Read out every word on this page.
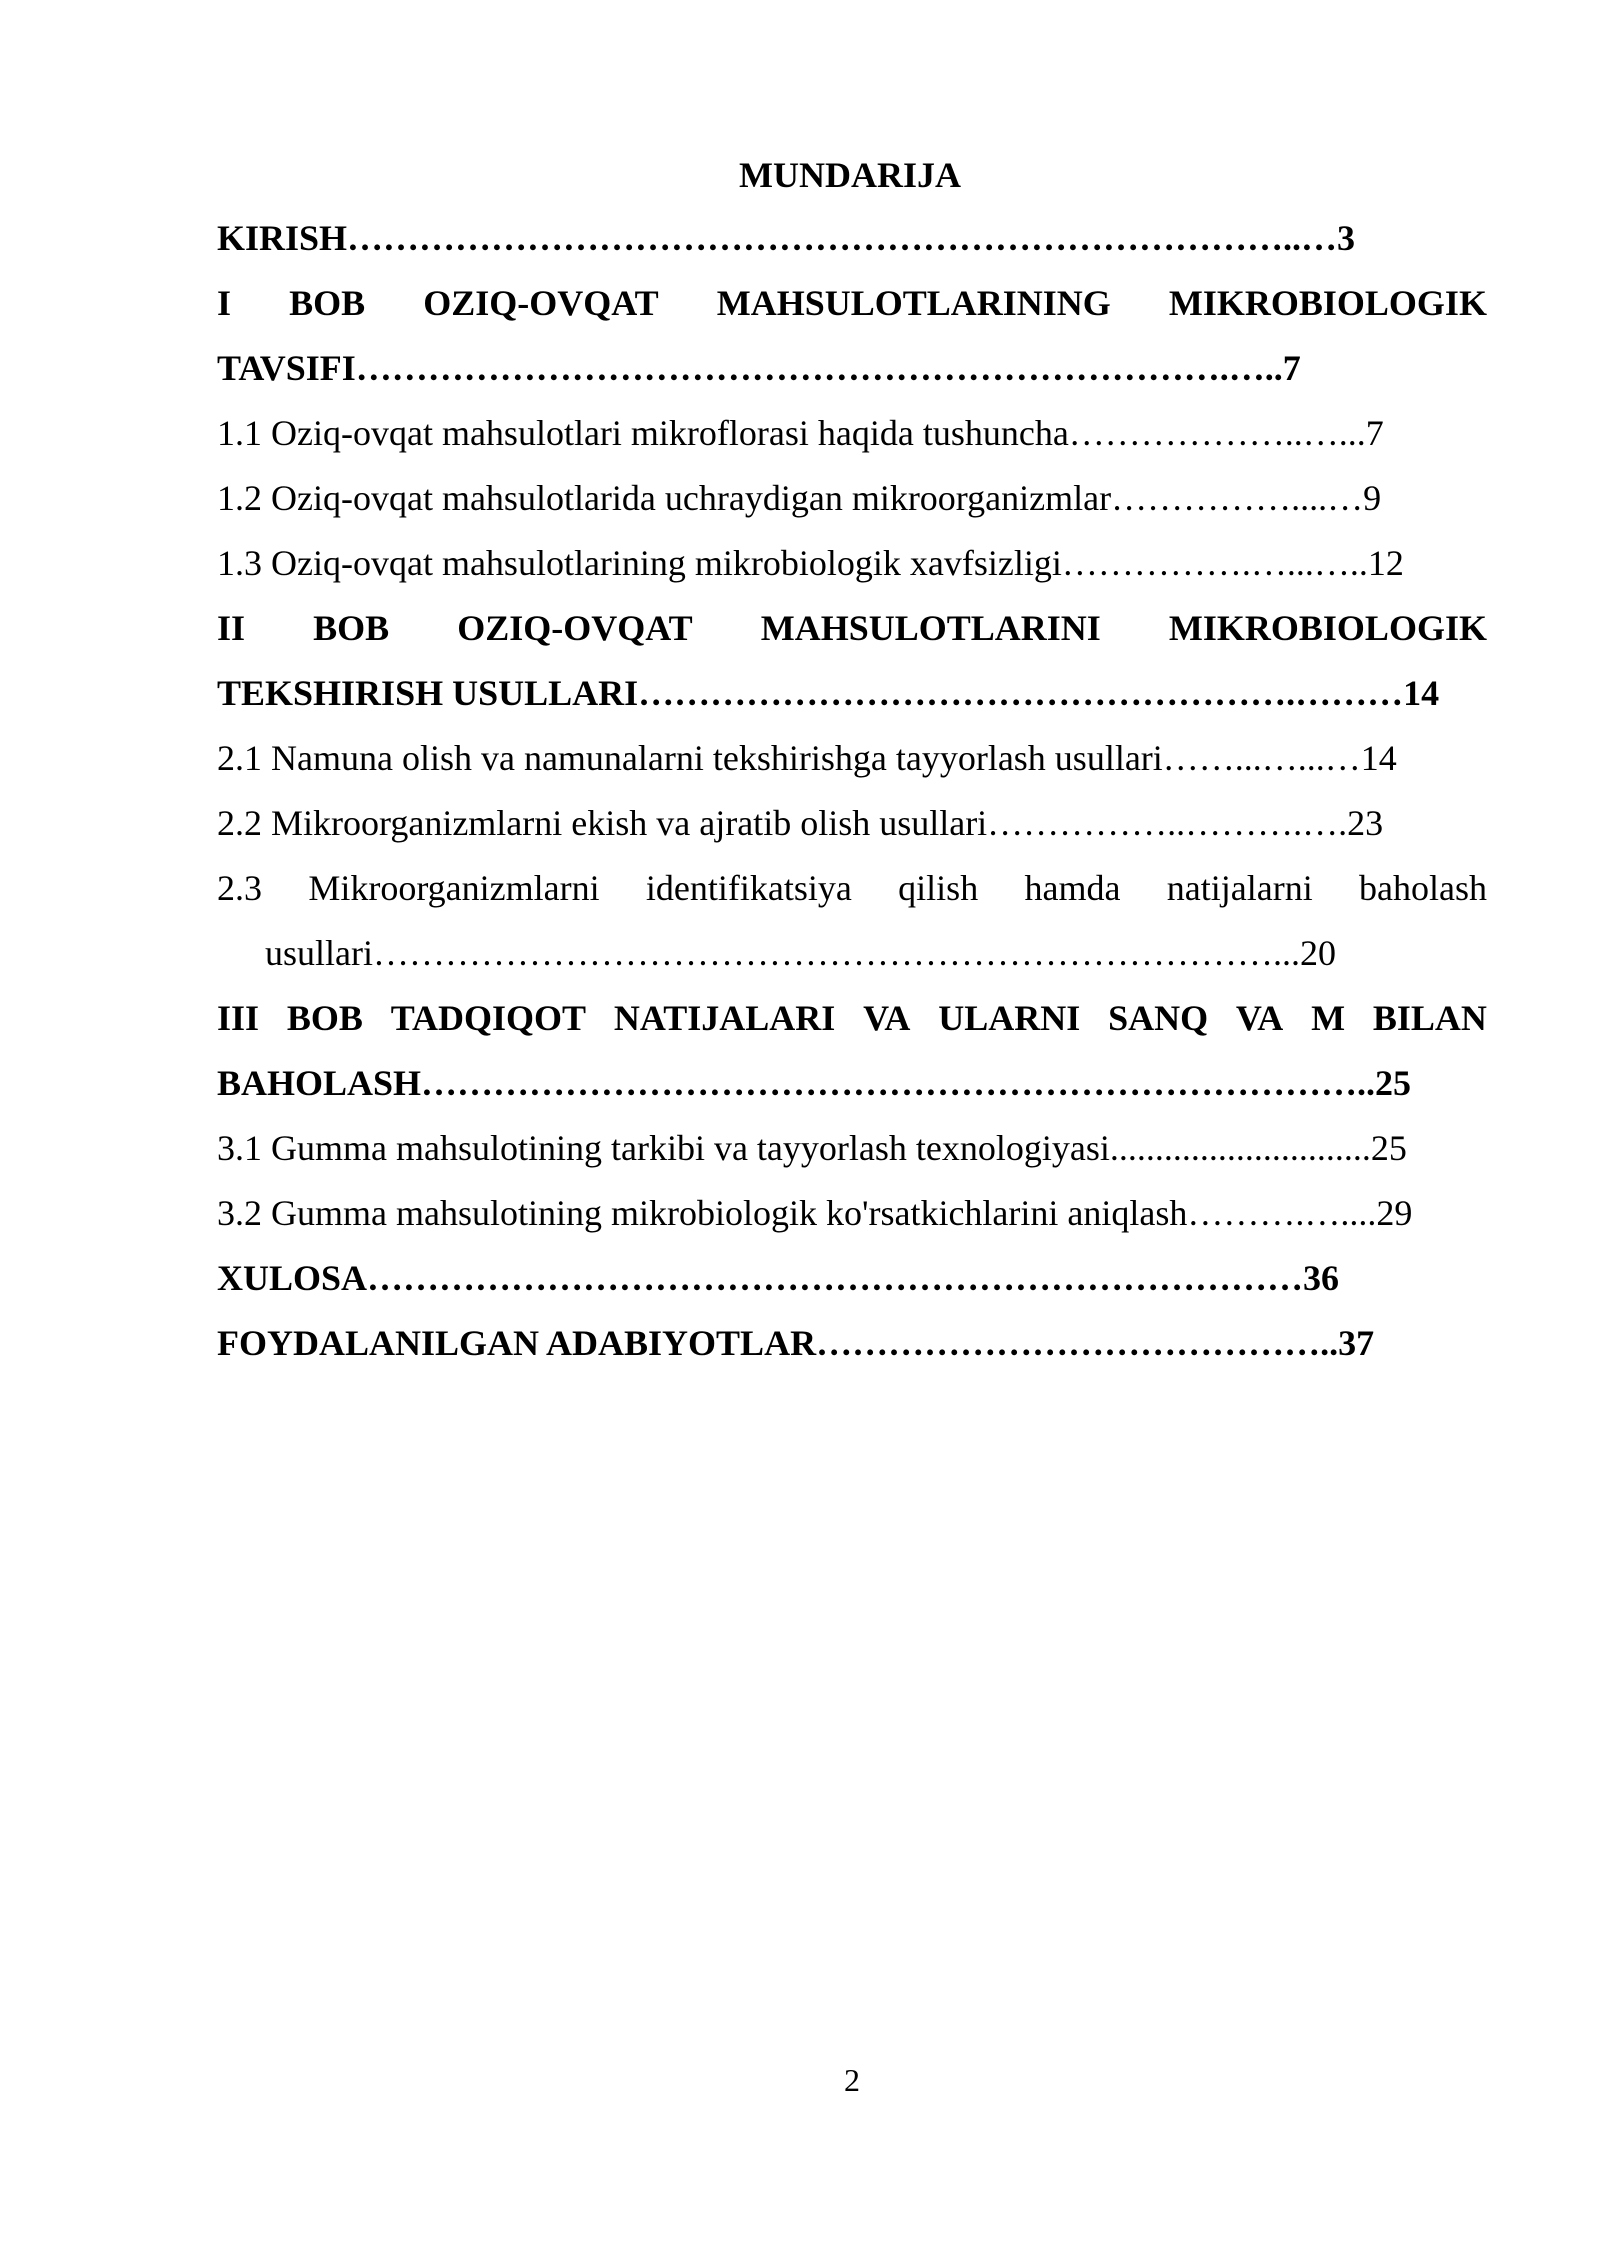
MUNDARIJA
KIRISH……………………………………………………………………..…3
I BOB OZIQ-OVQAT MAHSULOTLARINING MIKROBIOLOGIK
TAVSIFI……………………………………………………………….…..7
1.1 Oziq-ovqat mahsulotlari mikroflorasi haqida tushuncha………………..…...7
1.2 Oziq-ovqat mahsulotlarida uchraydigan mikroorganizmlar……………....…9
1.3 Oziq-ovqat mahsulotlarining mikrobiologik xavfsizligi…………….…...…..12
II BOB OZIQ-OVQAT MAHSULOTLARINI MIKROBIOLOGIK
TEKSHIRISH USULLARI……………………………………………….………14
2.1 Namuna olish va namunalarni tekshirishga tayyorlash usullari……...…...…14
2.2 Mikroorganizmlarni ekish va ajratib olish usullari……………..……….….23
2.3 Mikroorganizmlarni identifikatsiya qilish hamda natijalarni baholash
usullari…………………………………………………………………...20
III BOB TADQIQOT NATIJALARI VA ULARNI SANQ VA M BILAN
BAHOLASH……………………………………………………………………..25
3.1 Gumma mahsulotining tarkibi va tayyorlash texnologiyasi.............................25
3.2 Gumma mahsulotining mikrobiologik ko'rsatkichlarini aniqlash……….…....29
XULOSA……………………………………………………………………36
FOYDALANILGAN ADABIYOTLAR……………………………………..37
2
